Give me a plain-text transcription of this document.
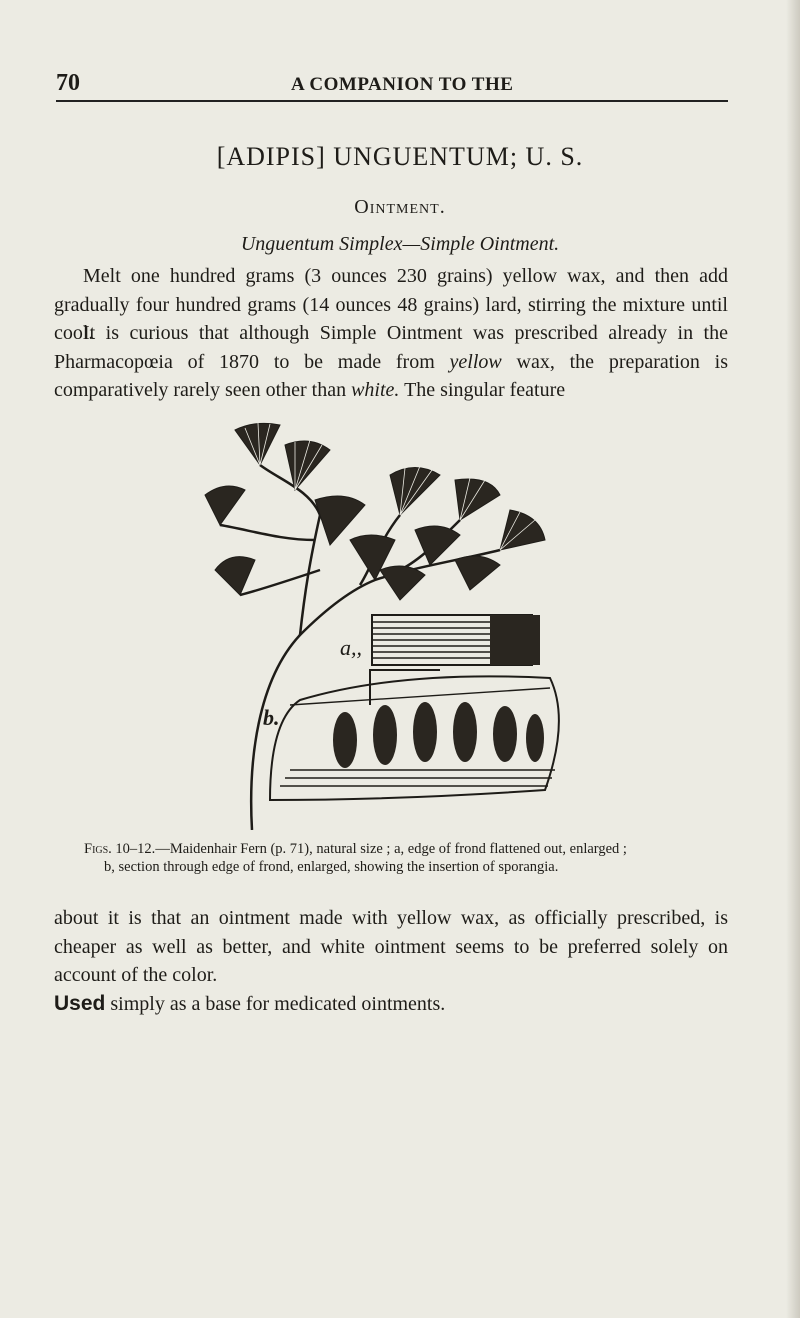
70	A COMPANION TO THE
[ADIPIS] UNGUENTUM; U. S.
Ointment.
Unguentum Simplex—Simple Ointment.

Melt one hundred grams (3 ounces 230 grains) yellow wax, and then add gradually four hundred grams (14 ounces 48 grains) lard, stirring the mixture until cool.

It is curious that although Simple Ointment was prescribed already in the Pharmacopœia of 1870 to be made from yellow wax, the preparation is comparatively rarely seen other than white. The singular feature

a,,
b.
Figs. 10–12.—Maidenhair Fern (p. 71), natural size ; a, edge of frond flattened out, enlarged ;
b, section through edge of frond, enlarged, showing the insertion of sporangia.

about it is that an ointment made with yellow wax, as officially prescribed, is cheaper as well as better, and white ointment seems to be preferred solely on account of the color.

Used simply as a base for medicated ointments.
